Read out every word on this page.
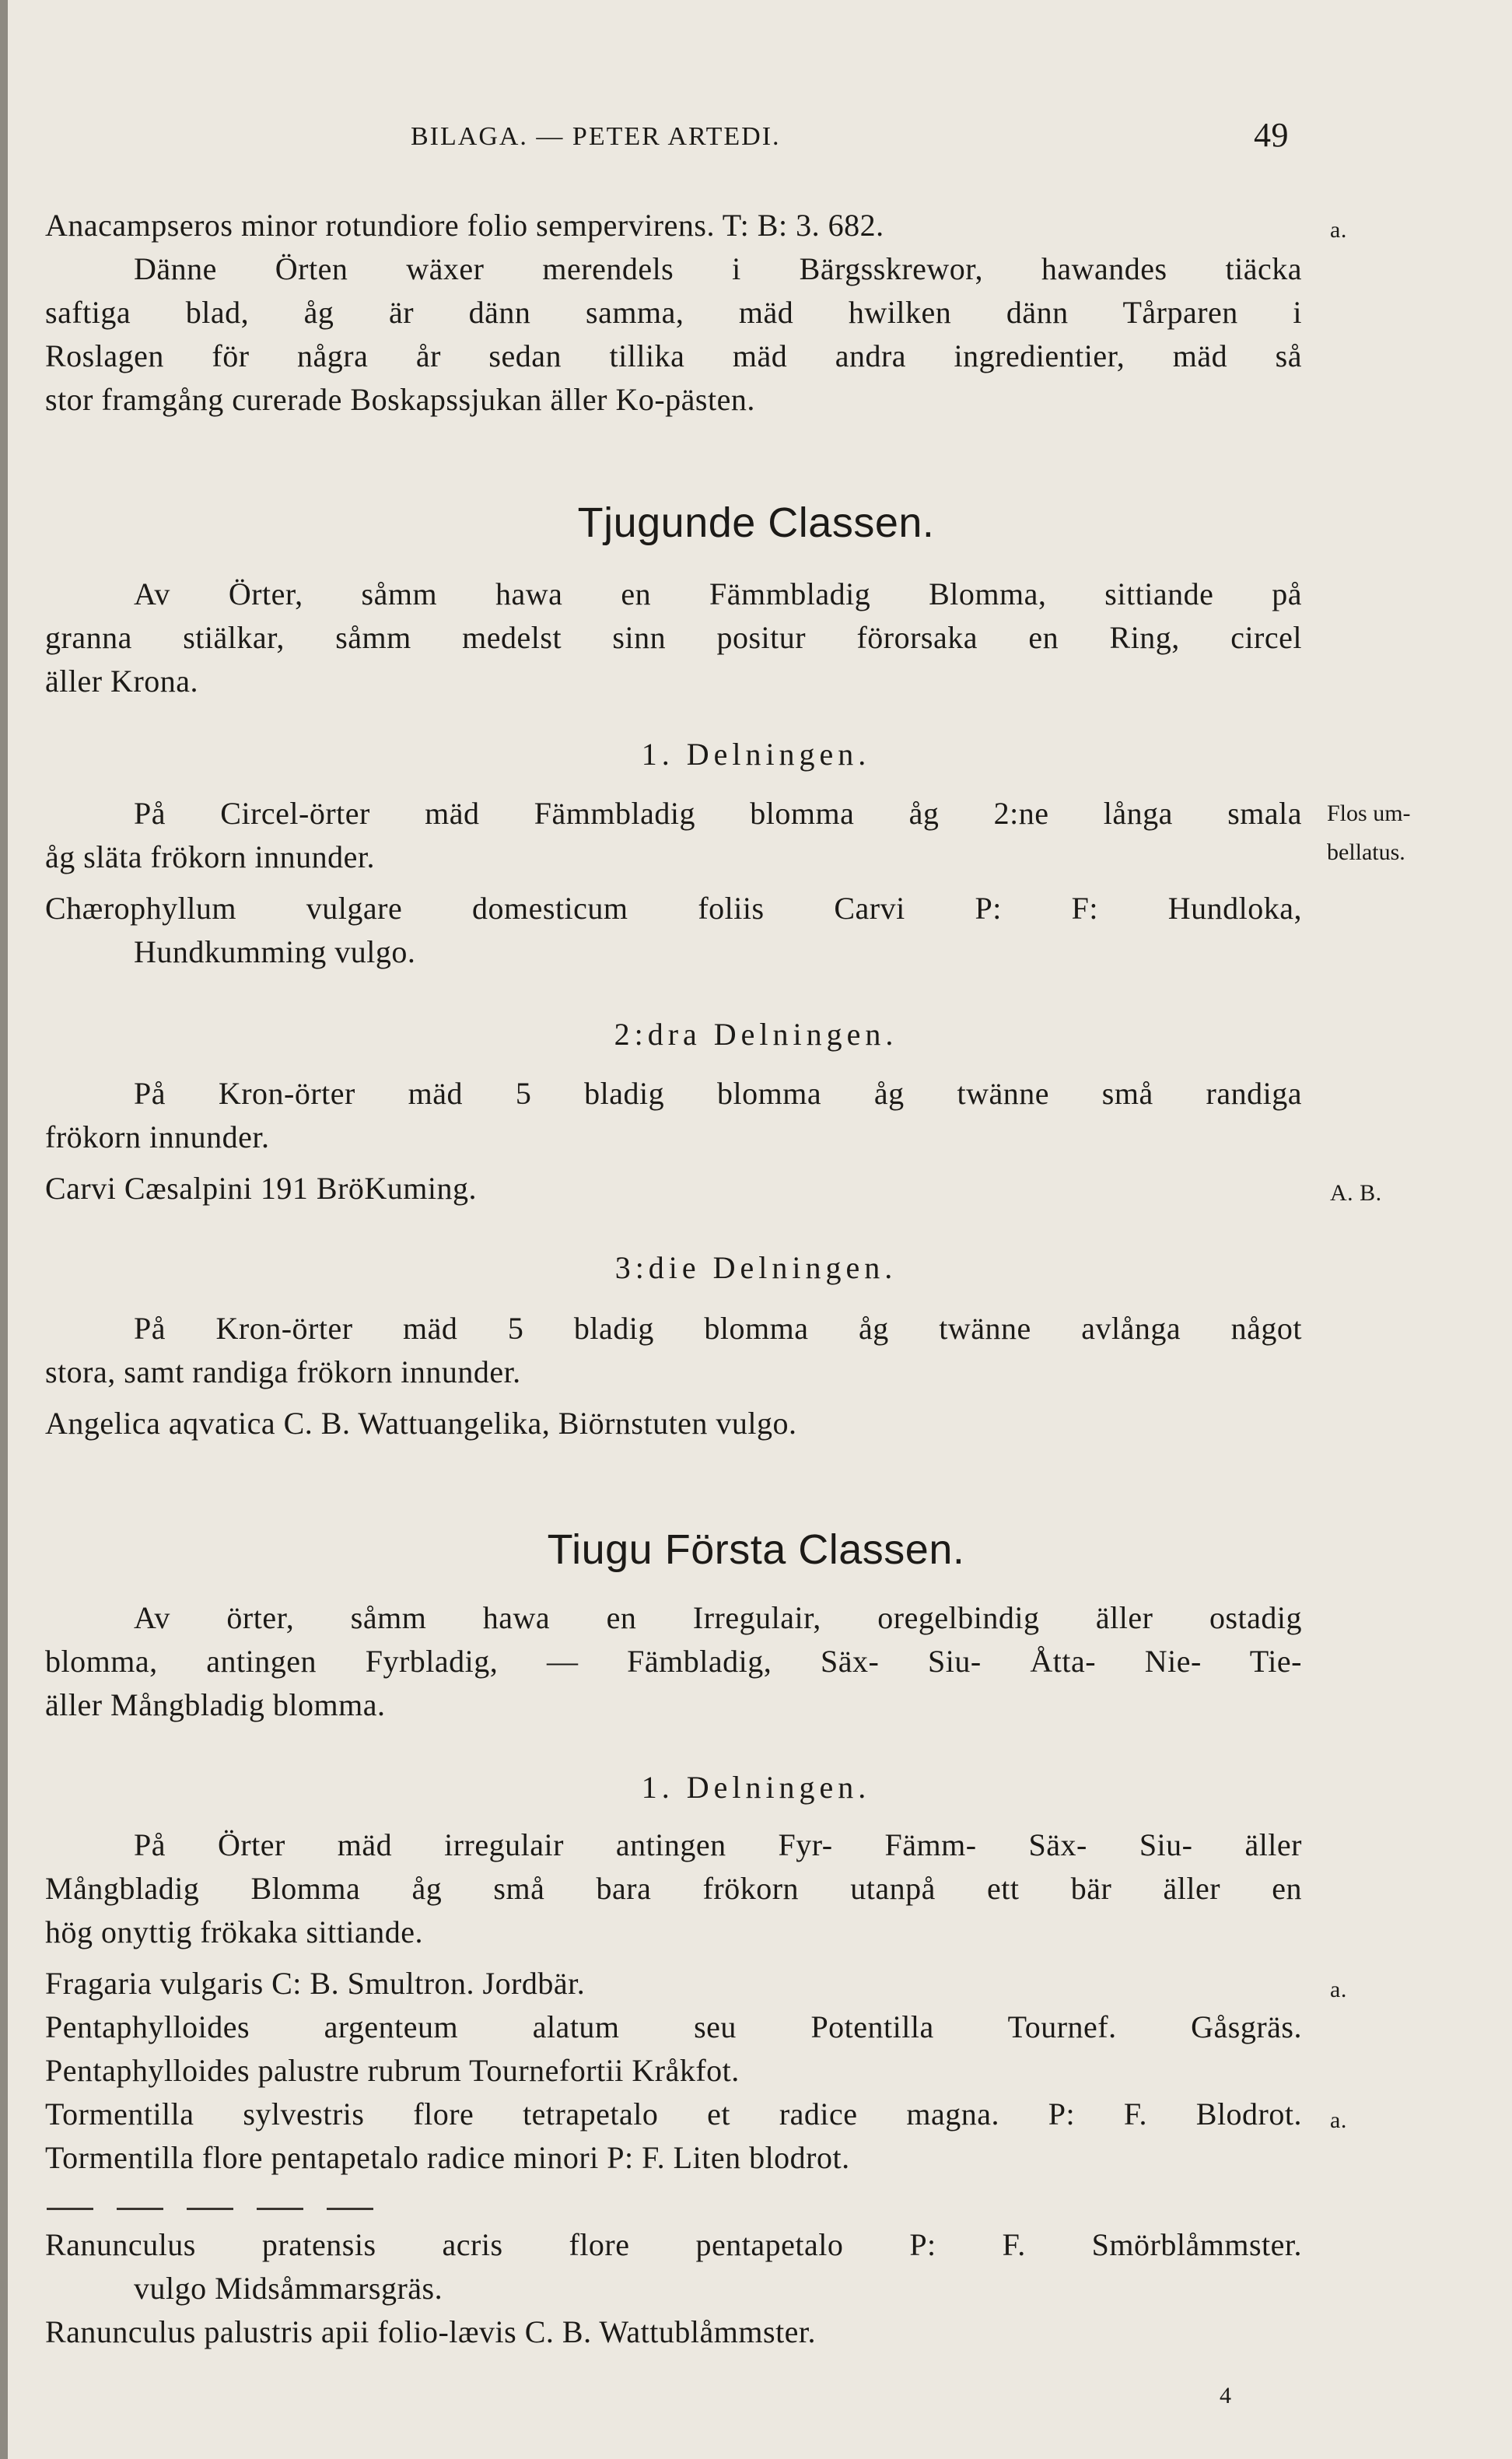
BILAGA. — PETER ARTEDI.	49
Anacampseros minor rotundiore folio sempervirens. T: B: 3. 682.	a.
Dänne Örten wäxer merendels i Bärgsskrewor, hawandes tiäcka
saftiga blad, åg är dänn samma, mäd hwilken dänn Tårparen i
Roslagen för några år sedan tillika mäd andra ingredientier, mäd så
stor framgång curerade Boskapssjukan äller Ko-pästen.
Tjugunde Classen.
Av Örter, såmm hawa en Fämmbladig Blomma, sittiande på
granna stiälkar, såmm medelst sinn positur förorsaka en Ring, circel
äller Krona.
1. Delningen.
På Circel-örter mäd Fämmbladig blomma åg 2:ne långa smala Flos um-
åg släta frökorn innunder.	bellatus.
Chærophyllum vulgare domesticum foliis Carvi P: F: Hundloka,
Hundkumming vulgo.
2:dra Delningen.
På Kron-örter mäd 5 bladig blomma åg twänne små randiga
frökorn innunder.
Carvi Cæsalpini 191 BröKuming.	A. B.
3:die Delningen.
På Kron-örter mäd 5 bladig blomma åg twänne avlånga något
stora, samt randiga frökorn innunder.
Angelica aqvatica C. B. Wattuangelika, Biörnstuten vulgo.
Tiugu Första Classen.
Av örter, såmm hawa en Irregulair, oregelbindig äller ostadig
blomma, antingen Fyrbladig, — Fämbladig, Säx- Siu- Åtta- Nie- Tie-
äller Mångbladig blomma.
1. Delningen.
På Örter mäd irregulair antingen Fyr- Fämm- Säx- Siu- äller
Mångbladig Blomma åg små bara frökorn utanpå ett bär äller en
hög onyttig frökaka sittiande.
Fragaria vulgaris C: B. Smultron. Jordbär.	a.
Pentaphylloides argenteum alatum seu Potentilla Tournef. Gåsgräs.
Pentaphylloides palustre rubrum Tournefortii Kråkfot.
Tormentilla sylvestris flore tetrapetalo et radice magna. P: F. Blodrot. a.
Tormentilla flore pentapetalo radice minori P: F. Liten blodrot.
Ranunculus pratensis acris flore pentapetalo P: F. Smörblåmmster.
vulgo Midsåmmarsgräs.
Ranunculus palustris apii folio-lævis C. B. Wattublåmmster.
4
